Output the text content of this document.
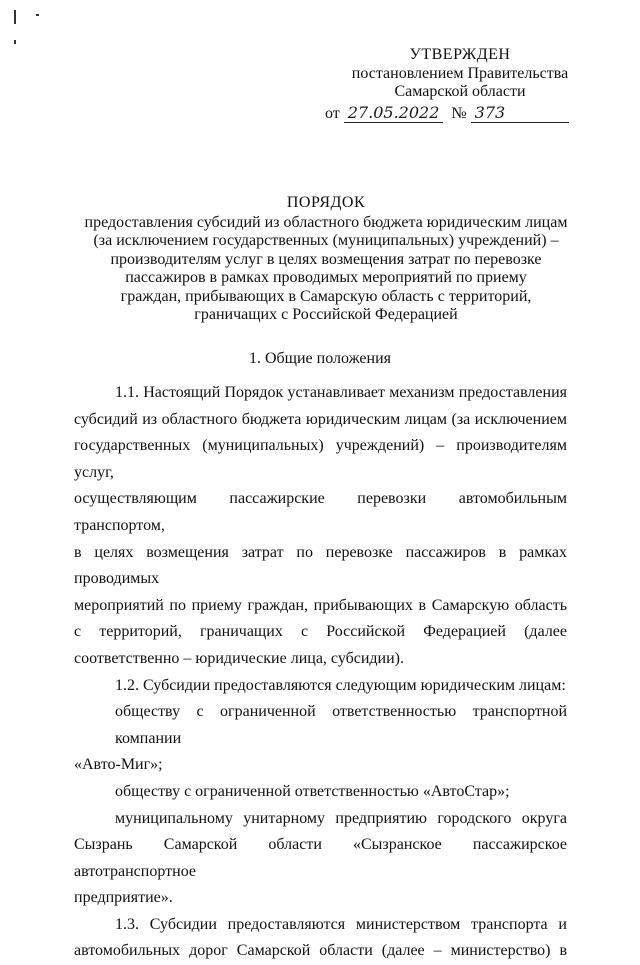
УТВЕРЖДЕН
постановлением Правительства
Самарской области
от 27.05.2022 № 373
ПОРЯДОК
предоставления субсидий из областного бюджета юридическим лицам
(за исключением государственных (муниципальных) учреждений) –
производителям услуг в целях возмещения затрат по перевозке
пассажиров в рамках проводимых мероприятий по приему
граждан, прибывающих в Самарскую область с территорий,
граничащих с Российской Федерацией
1. Общие положения
1.1. Настоящий Порядок устанавливает механизм предоставления
субсидий из областного бюджета юридическим лицам (за исключением
государственных (муниципальных) учреждений) – производителям услуг,
осуществляющим пассажирские перевозки автомобильным транспортом,
в целях возмещения затрат по перевозке пассажиров в рамках проводимых
мероприятий по приему граждан, прибывающих в Самарскую область
с территорий, граничащих с Российской Федерацией (далее
соответственно – юридические лица, субсидии).
1.2. Субсидии предоставляются следующим юридическим лицам:
обществу с ограниченной ответственностью транспортной компании
«Авто-Миг»;
обществу с ограниченной ответственностью «АвтоСтар»;
муниципальному унитарному предприятию городского округа
Сызрань Самарской области «Сызранское пассажирское автотранспортное
предприятие».
1.3. Субсидии предоставляются министерством транспорта и
автомобильных дорог Самарской области (далее – министерство) в
